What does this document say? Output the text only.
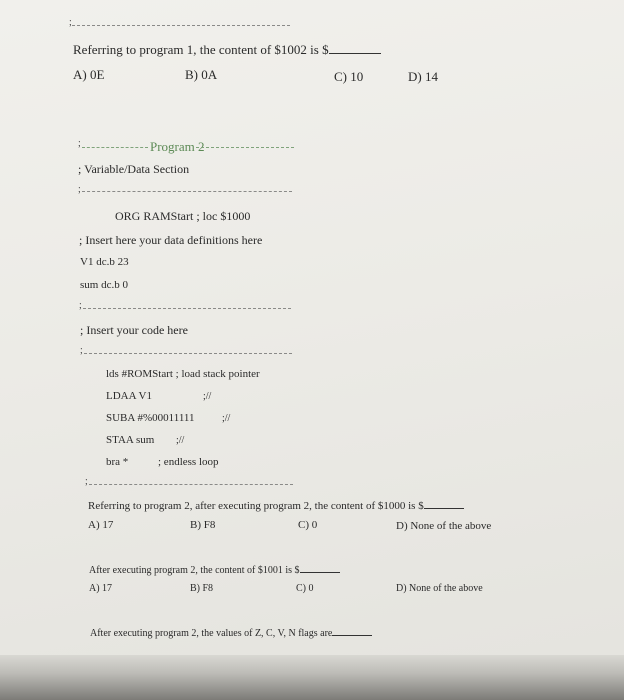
;
Referring to program 1, the content of $1002 is $
A) 0E	B) 0A	C) 10	D) 14
;	Program 2
; Variable/Data Section
;
ORG RAMStart ; loc $1000
; Insert here your data definitions here
V1 dc.b 23
sum dc.b 0
;
; Insert your code here
;
lds #ROMStart ; load stack pointer
LDAA V1	;//
SUBA #%00011111	;//
STAA sum ;//
bra *	; endless loop
;
Referring to program 2, after executing program 2, the content of $1000 is $
A) 17	B) F8	C) 0	D) None of the above
After executing program 2, the content of $1001 is $
A) 17	B) F8	C) 0	D) None of the above
After executing program 2, the values of Z, C, V, N flags are
